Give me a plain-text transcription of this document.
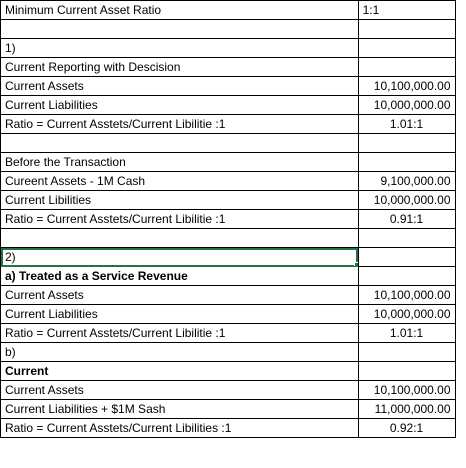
Minimum Current Asset Ratio	1:1	

1)		
Current Reporting with Descision		
Current Assets	10,100,000.00	
Current Liabilities	10,000,000.00	
Ratio = Current Asstets/Current Libilitie :1	1.01:1	

Before the Transaction		
Cureent Assets - 1M Cash	9,100,000.00	
Current Libilities	10,000,000.00	
Ratio = Current Asstets/Current Libilitie :1	0.91:1	

2)

a) Treated as a Service Revenue		
Current Assets	10,100,000.00	
Current Liabilities	10,000,000.00	
Ratio = Current Asstets/Current Libilitie :1	1.01:1	
b)		
Current		
Current Assets	10,100,000.00	
Current Liabilities + $1M Sash	11,000,000.00	
Ratio = Current Asstets/Current Libilities :1	0.92:1	
